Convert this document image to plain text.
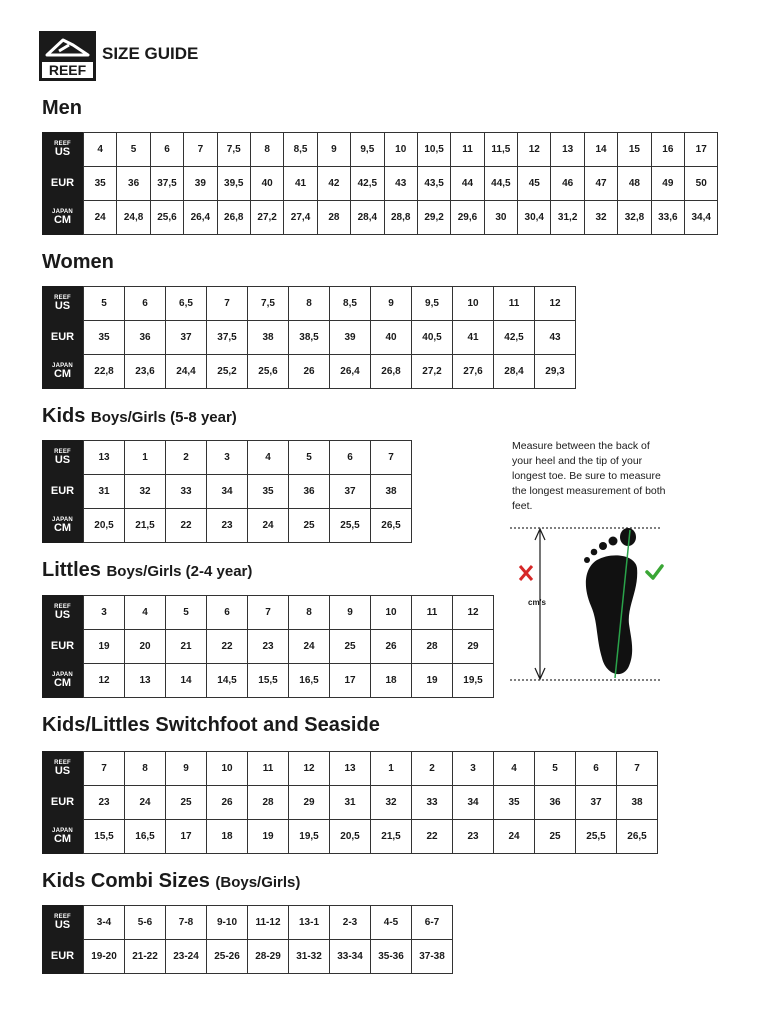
REEF
SIZE GUIDE
Men
Women
Kids Boys/Girls (5-8 year)
Littles Boys/Girls (2-4 year)
Kids/Littles Switchfoot and Seaside
Kids Combi Sizes (Boys/Girls)
REEF
US
EUR
JAPAN
CM
4	5	6	7	7,5	8	8,5	9	9,5	10	10,5	11	11,5	12	13	14	15	16	17
35	36	37,5	39	39,5	40	41	42	42,5	43	43,5	44	44,5	45	46	47	48	49	50
24	24,8	25,6	26,4	26,8	27,2	27,4	28	28,4	28,8	29,2	29,6	30	30,4	31,2	32	32,8	33,6	34,4
REEF
US
EUR
JAPAN
CM
5	6	6,5	7	7,5	8	8,5	9	9,5	10	11	12
35	36	37	37,5	38	38,5	39	40	40,5	41	42,5	43
22,8	23,6	24,4	25,2	25,6	26	26,4	26,8	27,2	27,6	28,4	29,3
REEF
US
EUR
JAPAN
CM
13	1	2	3	4	5	6	7
31	32	33	34	35	36	37	38
20,5	21,5	22	23	24	25	25,5	26,5
REEF
US
EUR
JAPAN
CM
3	4	5	6	7	8	9	10	11	12
19	20	21	22	23	24	25	26	28	29
12	13	14	14,5	15,5	16,5	17	18	19	19,5
REEF
US
EUR
JAPAN
CM
7	8	9	10	11	12	13	1	2	3	4	5	6	7
23	24	25	26	28	29	31	32	33	34	35	36	37	38
15,5	16,5	17	18	19	19,5	20,5	21,5	22	23	24	25	25,5	26,5
REEF
US
EUR
3-4	5-6	7-8	9-10	11-12	13-1	2-3	4-5	6-7
19-20	21-22	23-24	25-26	28-29	31-32	33-34	35-36	37-38
Measure between the back of your heel and the tip of your longest toe. Be sure to measure the longest measurement of both feet.
cm's
